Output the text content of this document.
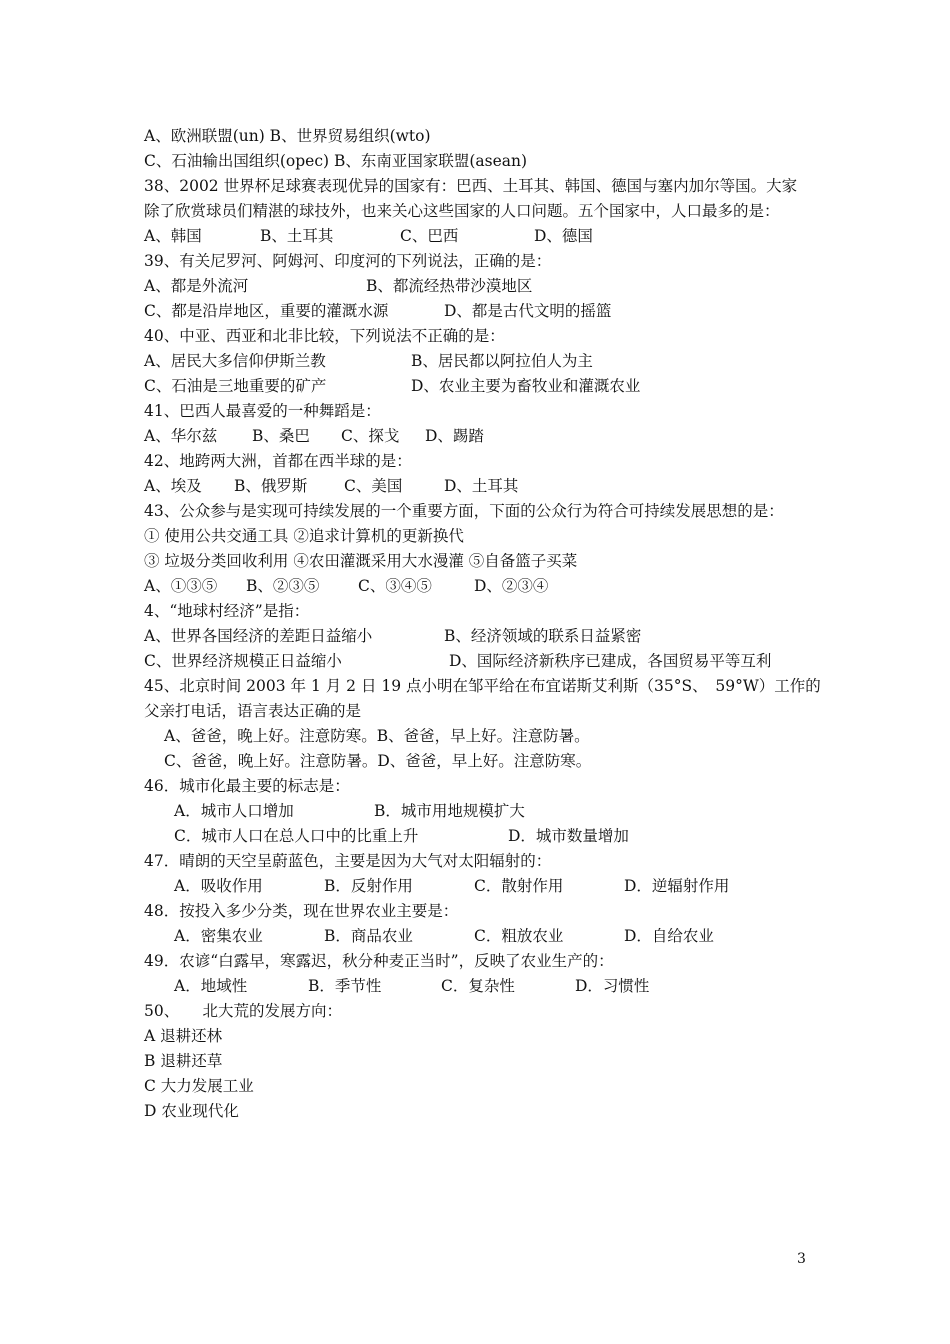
A、欧洲联盟(un) B、世界贸易组织(wto)
C、石油输出国组织(opec) B、东南亚国家联盟(asean)
38、2002 世界杯足球赛表现优异的国家有：巴西、土耳其、韩国、德国与塞内加尔等国。大家
除了欣赏球员们精湛的球技外，也来关心这些国家的人口问题。五个国家中，人口最多的是：
A、韩国	B、土耳其	C、巴西	D、德国
39、有关尼罗河、阿姆河、印度河的下列说法，正确的是：
A、都是外流河	B、都流经热带沙漠地区
C、都是沿岸地区，重要的灌溉水源	D、都是古代文明的摇篮
40、中亚、西亚和北非比较，下列说法不正确的是：
A、居民大多信仰伊斯兰教	B、居民都以阿拉伯人为主
C、石油是三地重要的矿产	D、农业主要为畜牧业和灌溉农业
41、巴西人最喜爱的一种舞蹈是：
A、华尔兹 B、桑巴 C、探戈 D、踢踏
42、地跨两大洲，首都在西半球的是：
A、埃及 B、俄罗斯 C、美国	D、土耳其
43、公众参与是实现可持续发展的一个重要方面，下面的公众行为符合可持续发展思想的是：
① 使用公共交通工具 ②追求计算机的更新换代
③ 垃圾分类回收利用 ④农田灌溉采用大水漫灌 ⑤自备篮子买菜
A、①③⑤ B、②③⑤ C、③④⑤	D、②③④
4、“地球村经济”是指：
A、世界各国经济的差距日益缩小	B、经济领域的联系日益紧密
C、世界经济规模正日益缩小	D、国际经济新秩序已建成，各国贸易平等互利
45、北京时间 2003 年 1 月 2 日 19 点小明在邹平给在布宜诺斯艾利斯（35°S、　59°W）工作的
父亲打电话，语言表达正确的是
A、爸爸，晚上好。注意防寒。B、爸爸，早上好。注意防暑。
C、爸爸，晚上好。注意防暑。D、爸爸，早上好。注意防寒。
46．城市化最主要的标志是：
A．城市人口增加	B．城市用地规模扩大
C．城市人口在总人口中的比重上升	D．城市数量增加
47．晴朗的天空呈蔚蓝色，主要是因为大气对太阳辐射的：
A．吸收作用	B．反射作用	C．散射作用	D．逆辐射作用
48．按投入多少分类，现在世界农业主要是：
A．密集农业	B．商品农业	C．粗放农业	D．自给农业
49．农谚“白露早，寒露迟，秋分种麦正当时”，反映了农业生产的：
A．地域性	B．季节性	C．复杂性	D．习惯性
50、　　北大荒的发展方向：
A 退耕还林
B 退耕还草
C 大力发展工业
D 农业现代化
3
